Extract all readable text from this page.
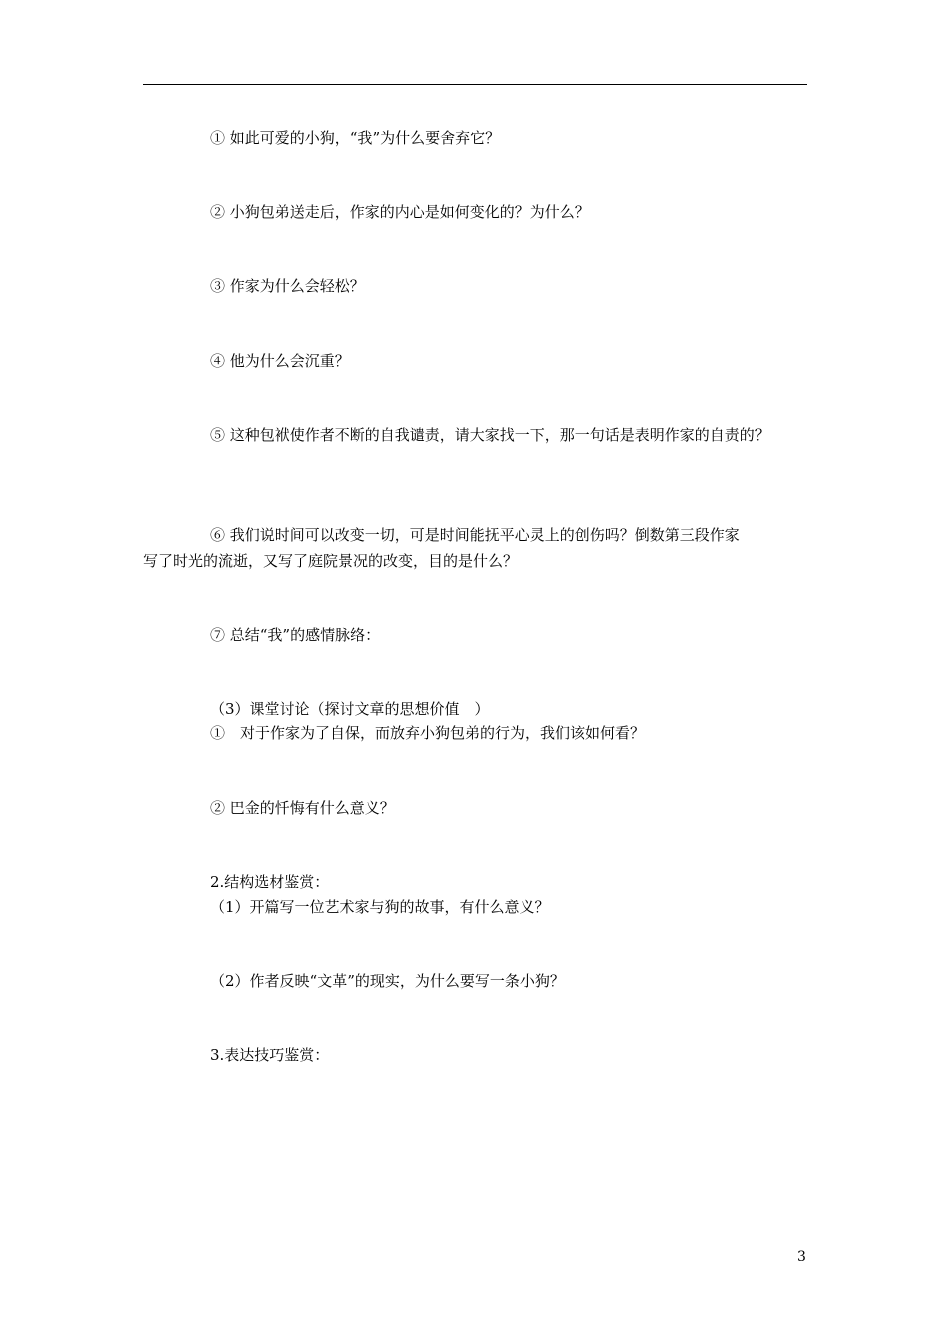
① 如此可爱的小狗，“我”为什么要舍弃它？
② 小狗包弟送走后，作家的内心是如何变化的？为什么？
③ 作家为什么会轻松？
④ 他为什么会沉重？
⑤ 这种包袱使作者不断的自我谴责，请大家找一下，那一句话是表明作家的自责的？
⑥ 我们说时间可以改变一切，可是时间能抚平心灵上的创伤吗？倒数第三段作家
写了时光的流逝，又写了庭院景况的改变，目的是什么？
⑦ 总结“我”的感情脉络：
（3）课堂讨论（探讨文章的思想价值　）
①　对于作家为了自保，而放弃小狗包弟的行为，我们该如何看？
② 巴金的忏悔有什么意义？
2.结构选材鉴赏：
（1）开篇写一位艺术家与狗的故事，有什么意义？
（2）作者反映“文革”的现实，为什么要写一条小狗？
3.表达技巧鉴赏：
3
